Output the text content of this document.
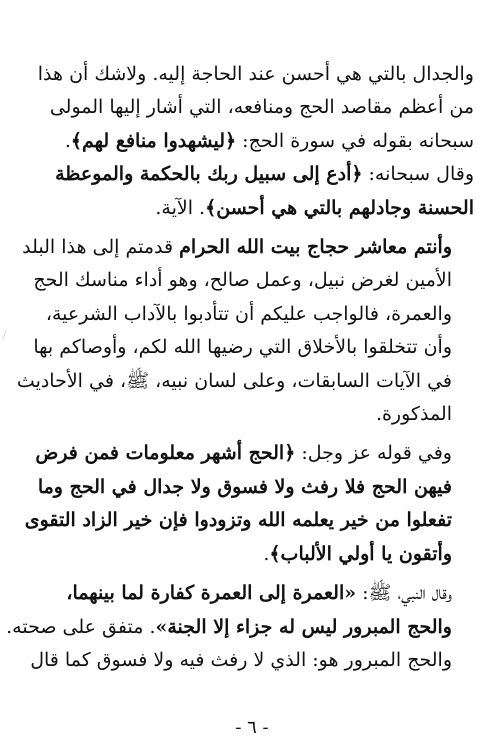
والجدال بالتي هي أحسن عند الحاجة إليه. ولاشك أن هذا
من أعظم مقاصد الحج ومنافعه، التي أشار إليها المولى
سبحانه بقوله في سورة الحج: ﴿ليشهدوا منافع لهم﴾.
وقال سبحانه: ﴿أدع إلى سبيل ربك بالحكمة والموعظة
الحسنة وجادلهم بالتي هي أحسن﴾. الآية.
وأنتم معاشر حجاج بيت الله الحرام قدمتم إلى هذا البلد
الأمين لغرض نبيل، وعمل صالح، وهو أداء مناسك الحج
والعمرة، فالواجب عليكم أن تتأدبوا بالآداب الشرعية،
وأن تتخلقوا بالأخلاق التي رضيها الله لكم، وأوصاكم بها
في الآيات السابقات، وعلى لسان نبيه، ﷺ، في الأحاديث
المذكورة.
وفي قوله عز وجل: ﴿الحج أشهر معلومات فمن فرض
فيهن الحج فلا رفث ولا فسوق ولا جدال في الحج وما
تفعلوا من خير يعلمه الله وتزودوا فإن خير الزاد التقوى
وأتقون يا أولي الألباب﴾.
وقال النبي، ﷺ: «العمرة إلى العمرة كفارة لما بينهما،
والحج المبرور ليس له جزاء إلا الجنة». متفق على صحته.
والحج المبرور هو: الذي لا رفث فيه ولا فسوق كما قال
- ٦ -
